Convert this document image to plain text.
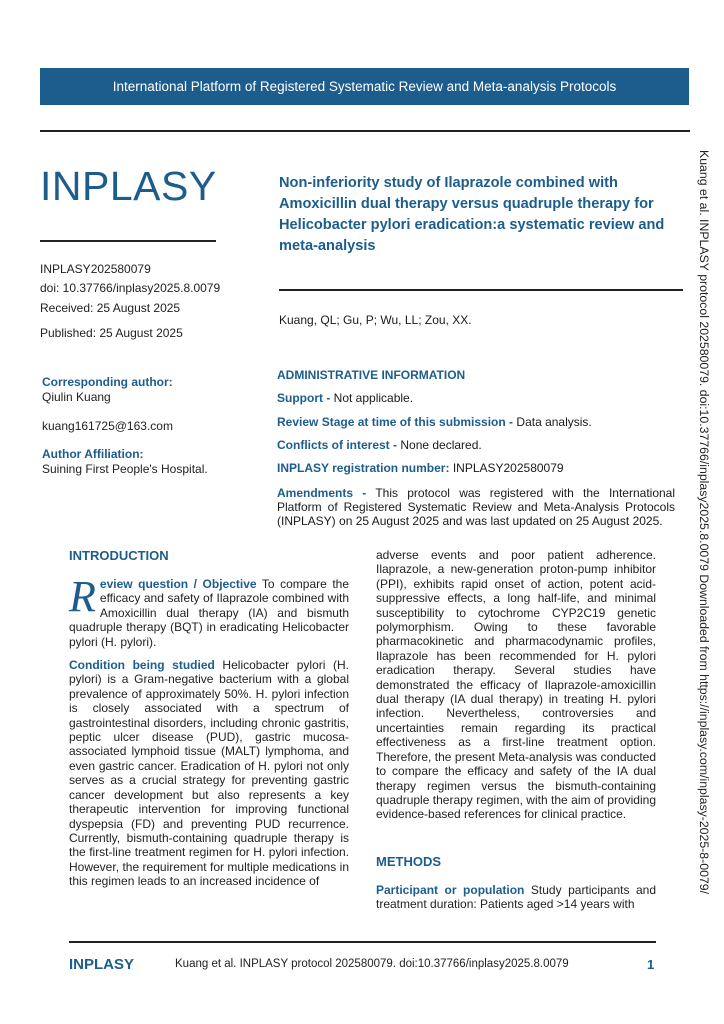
International Platform of Registered Systematic Review and Meta-analysis Protocols
INPLASY
INPLASY202580079
doi: 10.37766/inplasy2025.8.0079
Received: 25 August 2025
Published: 25 August 2025
Corresponding author:
Qiulin Kuang
kuang161725@163.com
Author Affiliation:
Suining First People's Hospital.
Non-inferiority study of Ilaprazole combined with Amoxicillin dual therapy versus quadruple therapy for Helicobacter pylori eradication:a systematic review and meta-analysis
Kuang, QL; Gu, P; Wu, LL; Zou, XX.
ADMINISTRATIVE INFORMATION
Support - Not applicable.
Review Stage at time of this submission - Data analysis.
Conflicts of interest - None declared.
INPLASY registration number: INPLASY202580079
Amendments - This protocol was registered with the International Platform of Registered Systematic Review and Meta-Analysis Protocols (INPLASY) on 25 August 2025 and was last updated on 25 August 2025.	Kuang et al. INPLASY protocol 202580079. doi:10.37766/inplasy2025.8.0079 Downloaded from https://inplasy.com/inplasy-2025-8-0079/
INTRODUCTION
Review question / Objective To compare the efficacy and safety of Ilaprazole combined with Amoxicillin dual therapy (IA) and bismuth quadruple therapy (BQT) in eradicating Helicobacter pylori (H. pylori).
Condition being studied Helicobacter pylori (H. pylori) is a Gram-negative bacterium with a global prevalence of approximately 50%. H. pylori infection is closely associated with a spectrum of gastrointestinal disorders, including chronic gastritis, peptic ulcer disease (PUD), gastric mucosa-associated lymphoid tissue (MALT) lymphoma, and even gastric cancer. Eradication of H. pylori not only serves as a crucial strategy for preventing gastric cancer development but also represents a key therapeutic intervention for improving functional dyspepsia (FD) and preventing PUD recurrence. Currently, bismuth-containing quadruple therapy is the first-line treatment regimen for H. pylori infection. However, the requirement for multiple medications in this regimen leads to an increased incidence of
adverse events and poor patient adherence. Ilaprazole, a new-generation proton-pump inhibitor (PPI), exhibits rapid onset of action, potent acid-suppressive effects, a long half-life, and minimal susceptibility to cytochrome CYP2C19 genetic polymorphism. Owing to these favorable pharmacokinetic and pharmacodynamic profiles, Ilaprazole has been recommended for H. pylori eradication therapy. Several studies have demonstrated the efficacy of Ilaprazole-amoxicillin dual therapy (IA dual therapy) in treating H. pylori infection. Nevertheless, controversies and uncertainties remain regarding its practical effectiveness as a first-line treatment option. Therefore, the present Meta-analysis was conducted to compare the efficacy and safety of the IA dual therapy regimen versus the bismuth-containing quadruple therapy regimen, with the aim of providing evidence-based references for clinical practice.
METHODS
Participant or population Study participants and treatment duration: Patients aged >14 years with
INPLASY	Kuang et al. INPLASY protocol 202580079. doi:10.37766/inplasy2025.8.0079	1
